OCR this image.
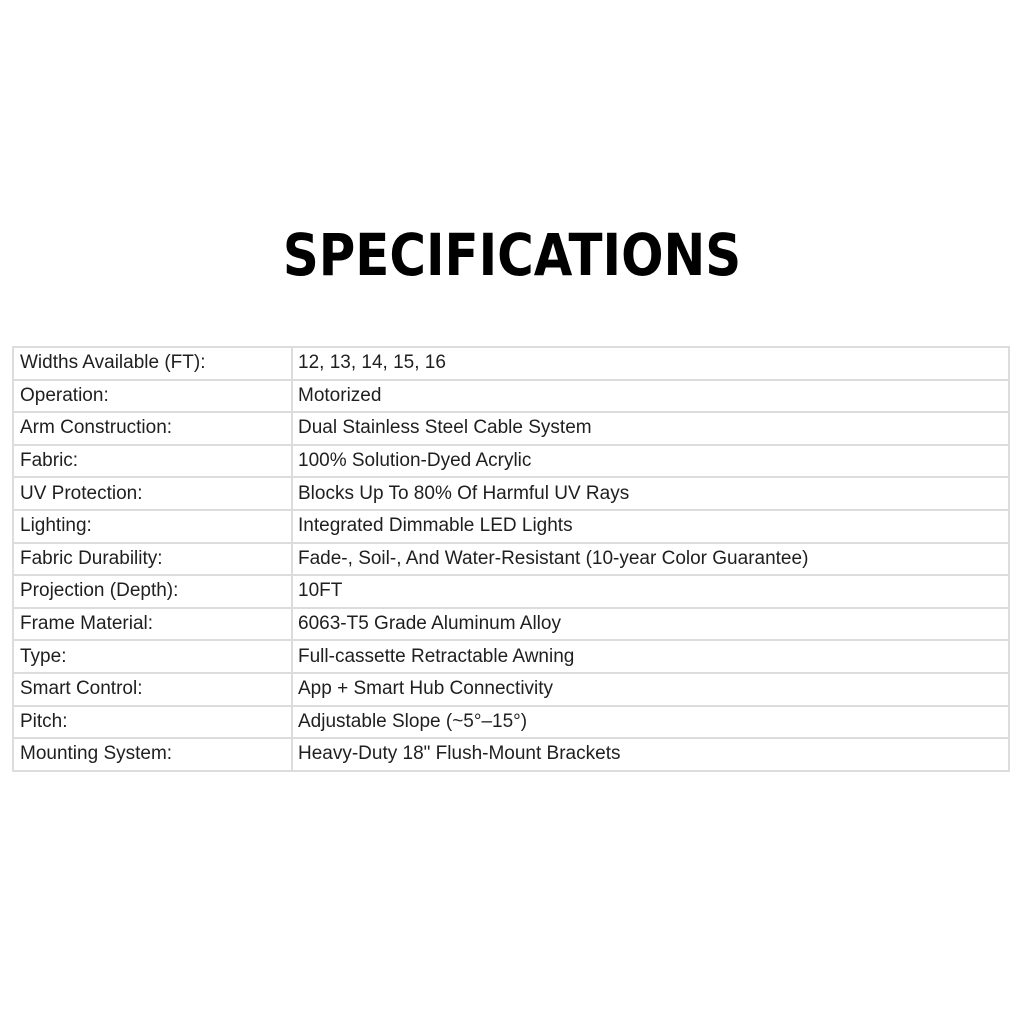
SPECIFICATIONS
Widths Available (FT):	12, 13, 14, 15, 16
Operation:	Motorized
Arm Construction:	Dual Stainless Steel Cable System
Fabric:	100% Solution-Dyed Acrylic
UV Protection:	Blocks Up To 80% Of Harmful UV Rays
Lighting:	Integrated Dimmable LED Lights
Fabric Durability:	Fade-, Soil-, And Water-Resistant (10-year Color Guarantee)
Projection (Depth):	10FT
Frame Material:	6063-T5 Grade Aluminum Alloy
Type:	Full-cassette Retractable Awning
Smart Control:	App + Smart Hub Connectivity
Pitch:	Adjustable Slope (~5°–15°)
Mounting System:	Heavy-Duty 18" Flush-Mount Brackets
